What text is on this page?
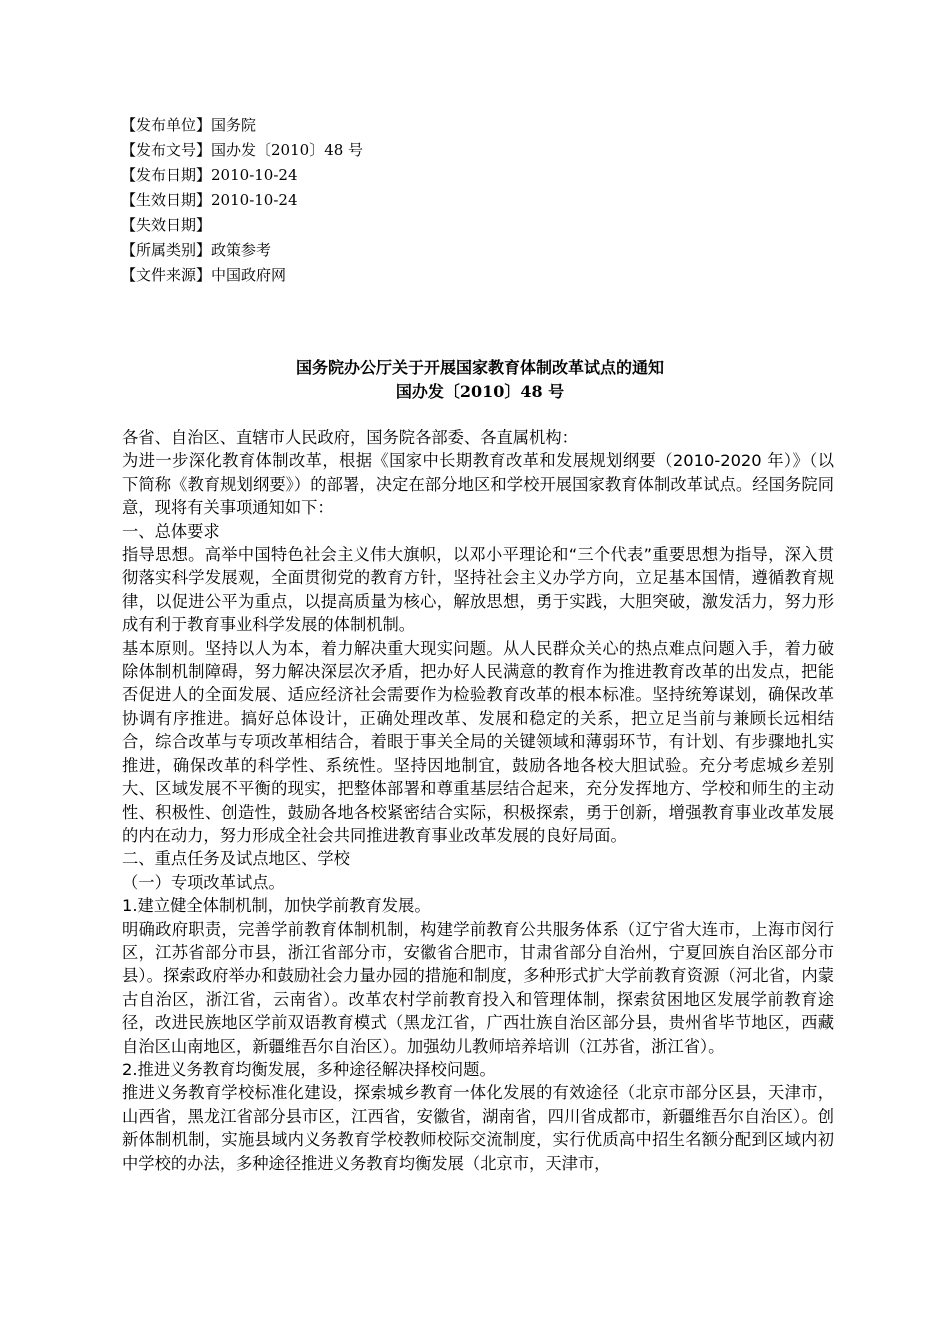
【发布单位】国务院
【发布文号】国办发〔2010〕48 号
【发布日期】2010-10-24
【生效日期】2010-10-24
【失效日期】
【所属类别】政策参考
【文件来源】中国政府网
国务院办公厅关于开展国家教育体制改革试点的通知
国办发〔2010〕48 号

各省、自治区、直辖市人民政府，国务院各部委、各直属机构：

为进一步深化教育体制改革，根据《国家中长期教育改革和发展规划纲要（2010-2020 年）》（以下简称《教育规划纲要》）的部署，决定在部分地区和学校开展国家教育体制改革试点。经国务院同意，现将有关事项通知如下：

一、总体要求

指导思想。高举中国特色社会主义伟大旗帜，以邓小平理论和“三个代表”重要思想为指导，深入贯彻落实科学发展观，全面贯彻党的教育方针，坚持社会主义办学方向，立足基本国情，遵循教育规律，以促进公平为重点，以提高质量为核心，解放思想，勇于实践，大胆突破，激发活力，努力形成有利于教育事业科学发展的体制机制。

基本原则。坚持以人为本，着力解决重大现实问题。从人民群众关心的热点难点问题入手，着力破除体制机制障碍，努力解决深层次矛盾，把办好人民满意的教育作为推进教育改革的出发点，把能否促进人的全面发展、适应经济社会需要作为检验教育改革的根本标准。坚持统筹谋划，确保改革协调有序推进。搞好总体设计，正确处理改革、发展和稳定的关系，把立足当前与兼顾长远相结合，综合改革与专项改革相结合，着眼于事关全局的关键领域和薄弱环节，有计划、有步骤地扎实推进，确保改革的科学性、系统性。坚持因地制宜，鼓励各地各校大胆试验。充分考虑城乡差别大、区域发展不平衡的现实，把整体部署和尊重基层结合起来，充分发挥地方、学校和师生的主动性、积极性、创造性，鼓励各地各校紧密结合实际，积极探索，勇于创新，增强教育事业改革发展的内在动力，努力形成全社会共同推进教育事业改革发展的良好局面。

二、重点任务及试点地区、学校

（一）专项改革试点。

1.建立健全体制机制，加快学前教育发展。

明确政府职责，完善学前教育体制机制，构建学前教育公共服务体系（辽宁省大连市，上海市闵行区，江苏省部分市县，浙江省部分市，安徽省合肥市，甘肃省部分自治州，宁夏回族自治区部分市县）。探索政府举办和鼓励社会力量办园的措施和制度，多种形式扩大学前教育资源（河北省，内蒙古自治区，浙江省，云南省）。改革农村学前教育投入和管理体制，探索贫困地区发展学前教育途径，改进民族地区学前双语教育模式（黑龙江省，广西壮族自治区部分县，贵州省毕节地区，西藏自治区山南地区，新疆维吾尔自治区）。加强幼儿教师培养培训（江苏省，浙江省）。

2.推进义务教育均衡发展，多种途径解决择校问题。

推进义务教育学校标准化建设，探索城乡教育一体化发展的有效途径（北京市部分区县，天津市，山西省，黑龙江省部分县市区，江西省，安徽省，湖南省，四川省成都市，新疆维吾尔自治区）。创新体制机制，实施县域内义务教育学校教师校际交流制度，实行优质高中招生名额分配到区域内初中学校的办法，多种途径推进义务教育均衡发展（北京市，天津市，
